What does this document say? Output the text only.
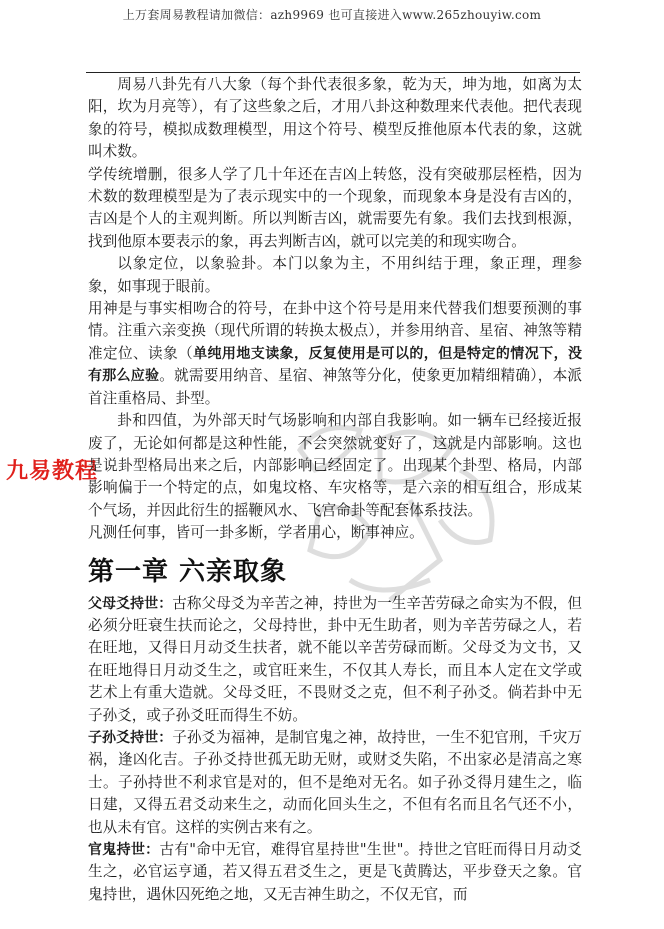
上万套周易教程请加微信：azh9969 也可直接进入www.265zhouyiw.com
九易教程

周易八卦先有八大象（每个卦代表很多象，乾为天，坤为地，如离为太阳，坎为月亮等），有了这些象之后，才用八卦这种数理来代表他。把代表现象的符号，模拟成数理模型，用这个符号、模型反推他原本代表的象，这就叫术数。

学传统增删，很多人学了几十年还在吉凶上转悠，没有突破那层桎梏，因为术数的数理模型是为了表示现实中的一个现象，而现象本身是没有吉凶的，吉凶是个人的主观判断。所以判断吉凶，就需要先有象。我们去找到根源，找到他原本要表示的象，再去判断吉凶，就可以完美的和现实吻合。

以象定位，以象验卦。本门以象为主，不用纠结于理，象正理，理参象，如事现于眼前。

用神是与事实相吻合的符号，在卦中这个符号是用来代替我们想要预测的事情。注重六亲变换（现代所谓的转换太极点），并参用纳音、星宿、神煞等精准定位、读象（单纯用地支读象，反复使用是可以的，但是特定的情况下，没有那么应验。就需要用纳音、星宿、神煞等分化，使象更加精细精确），本派首注重格局、卦型。

卦和四值，为外部天时气场影响和内部自我影响。如一辆车已经接近报废了，无论如何都是这种性能，不会突然就变好了，这就是内部影响。这也是说卦型格局出来之后，内部影响已经固定了。出现某个卦型、格局，内部影响偏于一个特定的点，如鬼坟格、车灾格等，是六亲的相互组合，形成某个气场，并因此衍生的摇鞭风水、飞宫命卦等配套体系技法。

凡测任何事，皆可一卦多断，学者用心，断事神应。

第一章 六亲取象

父母爻持世：古称父母爻为辛苦之神，持世为一生辛苦劳碌之命实为不假，但必须分旺衰生扶而论之，父母持世，卦中无生助者，则为辛苦劳碌之人，若在旺地，又得日月动爻生扶者，就不能以辛苦劳碌而断。父母爻为文书，又在旺地得日月动爻生之，或官旺来生，不仅其人寿长，而且本人定在文学或艺术上有重大造就。父母爻旺，不畏财爻之克，但不利子孙爻。倘若卦中无子孙爻，或子孙爻旺而得生不妨。

子孙爻持世：子孙爻为福神，是制官鬼之神，故持世，一生不犯官刑，千灾万祸，逢凶化吉。子孙爻持世孤无助无财，或财爻失陷，不出家必是清高之寒士。子孙持世不利求官是对的，但不是绝对无名。如子孙爻得月建生之，临日建，又得五君爻动来生之，动而化回头生之，不但有名而且名气还不小，也从未有官。这样的实例古来有之。

官鬼持世：古有"命中无官，难得官星持世"生世"。持世之官旺而得日月动爻生之，必官运亨通，若又得五君爻生之，更是飞黄腾达，平步登天之象。官鬼持世，遇休囚死绝之地，又无吉神生助之，不仅无官，而
